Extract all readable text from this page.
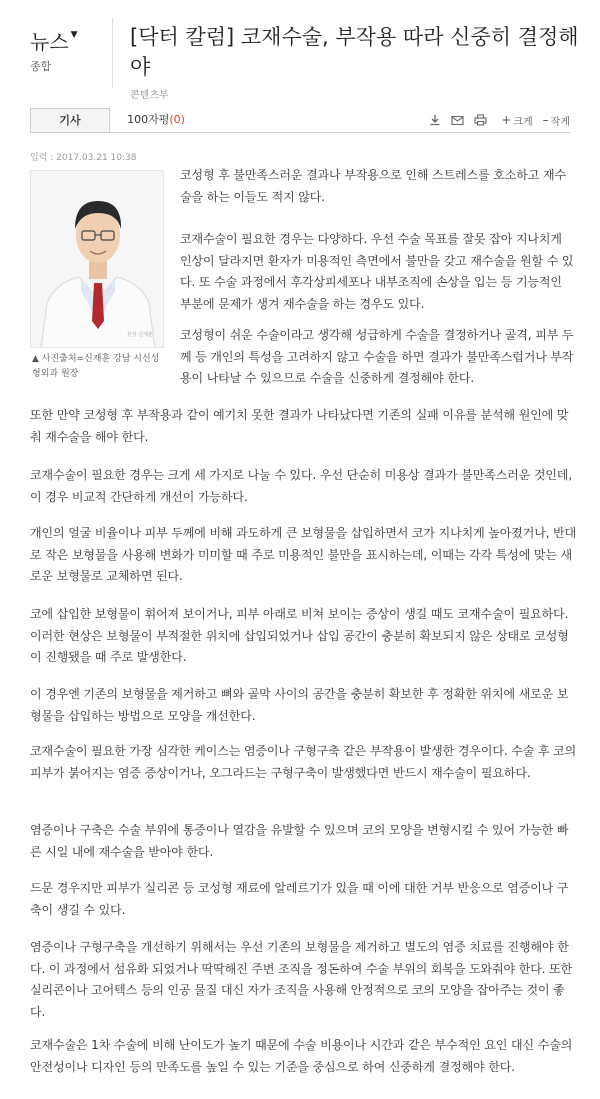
뉴스 ▼
종합
[닥터 칼럼] 코재수술, 부작용 따라 신중히 결정해야
콘텐츠부
기사	100자평(0)	+ 크게 – 작게
입력 : 2017.03.21 10:38
원장 신재훈
▲ 사진출처=신재훈 강남 시선성형외과 원장

코성형 후 불만족스러운 결과나 부작용으로 인해 스트레스를 호소하고 재수술을 하는 이들도 적지 않다.

코재수술이 필요한 경우는 다양하다. 우선 수술 목표를 잘못 잡아 지나치게 인상이 달라지면 환자가 미용적인 측면에서 불만을 갖고 재수술을 원할 수 있다. 또 수술 과정에서 후각상피세포나 내부조직에 손상을 입는 등 기능적인 부분에 문제가 생겨 재수술을 하는 경우도 있다.

코성형이 쉬운 수술이라고 생각해 성급하게 수술을 결정하거나 골격, 피부 두께 등 개인의 특성을 고려하지 않고 수술을 하면 결과가 불만족스럽거나 부작용이 나타날 수 있으므로 수술을 신중하게 결정해야 한다.

또한 만약 코성형 후 부작용과 같이 예기치 못한 결과가 나타났다면 기존의 실패 이유를 분석해 원인에 맞춰 재수술을 해야 한다.

코재수술이 필요한 경우는 크게 세 가지로 나눌 수 있다. 우선 단순히 미용상 결과가 불만족스러운 것인데, 이 경우 비교적 간단하게 개선이 가능하다.

개인의 얼굴 비율이나 피부 두께에 비해 과도하게 큰 보형물을 삽입하면서 코가 지나치게 높아졌거나, 반대로 작은 보형물을 사용해 변화가 미미할 때 주로 미용적인 불만을 표시하는데, 이때는 각각 특성에 맞는 새로운 보형물로 교체하면 된다.

코에 삽입한 보형물이 휘어져 보이거나, 피부 아래로 비쳐 보이는 증상이 생길 때도 코재수술이 필요하다. 이러한 현상은 보형물이 부적절한 위치에 삽입되었거나 삽입 공간이 충분히 확보되지 않은 상태로 코성형이 진행됐을 때 주로 발생한다.

이 경우엔 기존의 보형물을 제거하고 뼈와 골막 사이의 공간을 충분히 확보한 후 정확한 위치에 새로운 보형물을 삽입하는 방법으로 모양을 개선한다.

코재수술이 필요한 가장 심각한 케이스는 염증이나 구형구축 같은 부작용이 발생한 경우이다. 수술 후 코의 피부가 붉어지는 염증 증상이거나, 오그라드는 구형구축이 발생했다면 반드시 재수술이 필요하다.

염증이나 구축은 수술 부위에 통증이나 열감을 유발할 수 있으며 코의 모양을 변형시킬 수 있어 가능한 빠른 시일 내에 재수술을 받아야 한다.

드문 경우지만 피부가 실리콘 등 코성형 재료에 알레르기가 있을 때 이에 대한 거부 반응으로 염증이나 구축이 생길 수 있다.

염증이나 구형구축을 개선하기 위해서는 우선 기존의 보형물을 제거하고 별도의 염증 치료를 진행해야 한다. 이 과정에서 섬유화 되었거나 딱딱해진 주변 조직을 정돈하여 수술 부위의 회복을 도와줘야 한다. 또한 실리콘이나 고어텍스 등의 인공 물질 대신 자가 조직을 사용해 안정적으로 코의 모양을 잡아주는 것이 좋다.

코재수술은 1차 수술에 비해 난이도가 높기 때문에 수술 비용이나 시간과 같은 부수적인 요인 대신 수술의 안전성이나 디자인 등의 만족도를 높일 수 있는 기준을 중심으로 하여 신중하게 결정해야 한다.
